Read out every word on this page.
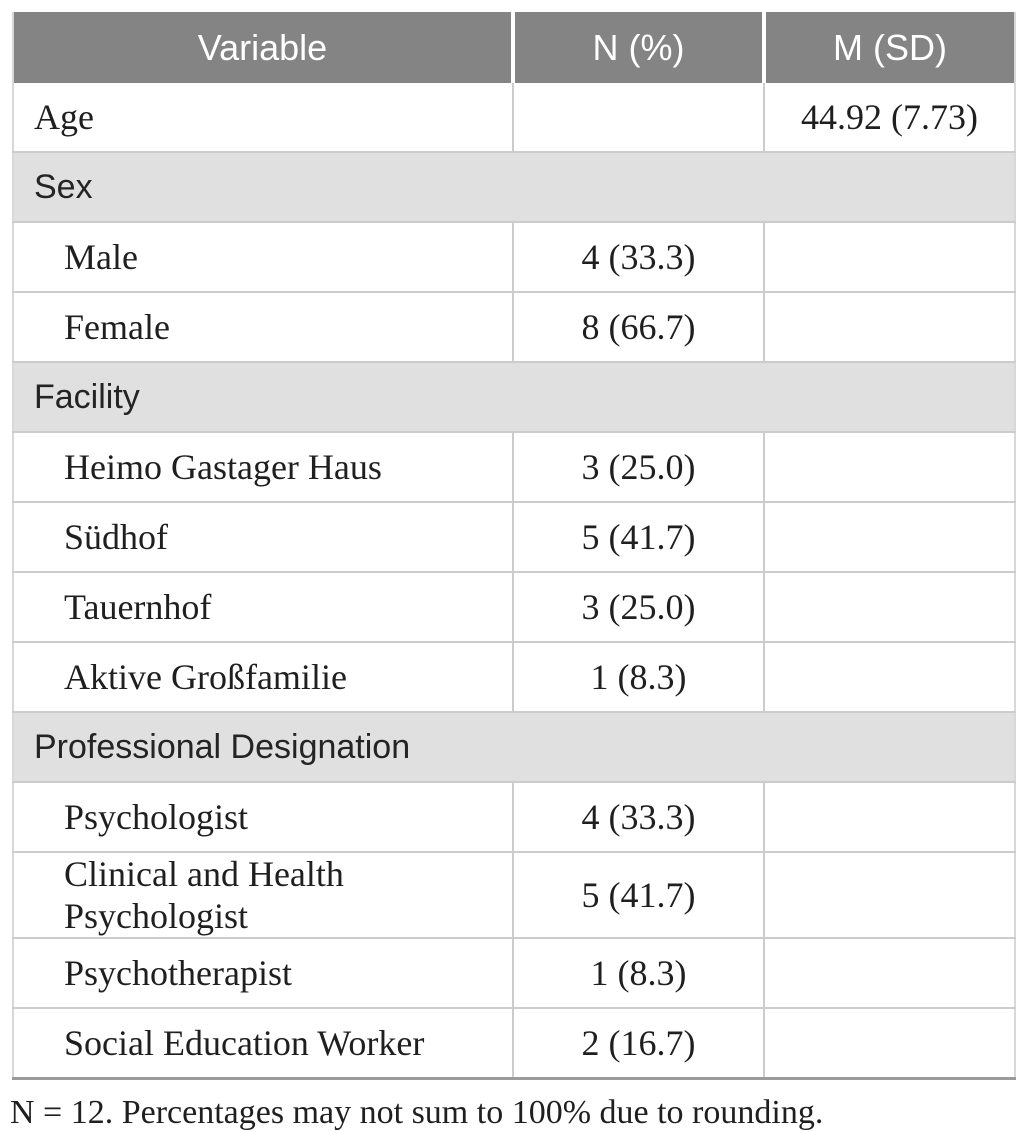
Variable	N (%)	M (SD)
Age		44.92 (7.73)
Sex		
Male	4 (33.3)	
Female	8 (66.7)	
Facility		
Heimo Gastager Haus	3 (25.0)	
Südhof	5 (41.7)	
Tauernhof	3 (25.0)	
Aktive Großfamilie	1 (8.3)	
Professional Designation		
Psychologist	4 (33.3)	
Clinical and Health Psychologist	5 (41.7)	
Psychotherapist	1 (8.3)	
Social Education Worker	2 (16.7)	
N = 12. Percentages may not sum to 100% due to rounding.
